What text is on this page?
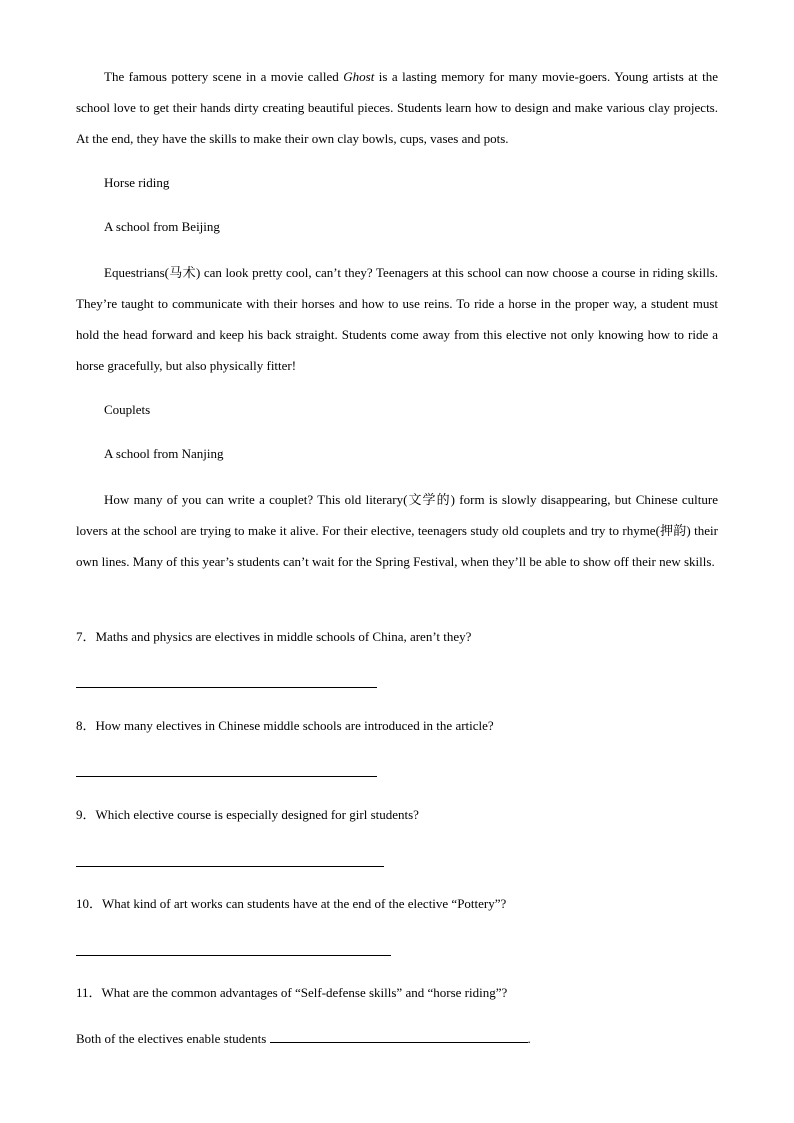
The famous pottery scene in a movie called Ghost is a lasting memory for many movie-goers. Young artists at the school love to get their hands dirty creating beautiful pieces. Students learn how to design and make various clay projects. At the end, they have the skills to make their own clay bowls, cups, vases and pots.

Horse riding

A school from Beijing

Equestrians(马术) can look pretty cool, can’t they? Teenagers at this school can now choose a course in riding skills. They’re taught to communicate with their horses and how to use reins. To ride a horse in the proper way, a student must hold the head forward and keep his back straight. Students come away from this elective not only knowing how to ride a horse gracefully, but also physically fitter!

Couplets

A school from Nanjing

How many of you can write a couplet? This old literary(文学的) form is slowly disappearing, but Chinese culture lovers at the school are trying to make it alive. For their elective, teenagers study old couplets and try to rhyme(押韵) their own lines. Many of this year’s students can’t wait for the Spring Festival, when they’ll be able to show off their new skills.

7．Maths and physics are electives in middle schools of China, aren’t they?

8．How many electives in Chinese middle schools are introduced in the article?

9．Which elective course is especially designed for girl students?

10．What kind of art works can students have at the end of the elective “Pottery”?

11．What are the common advantages of “Self-defense skills” and “horse riding”?

Both of the electives enable students	.
